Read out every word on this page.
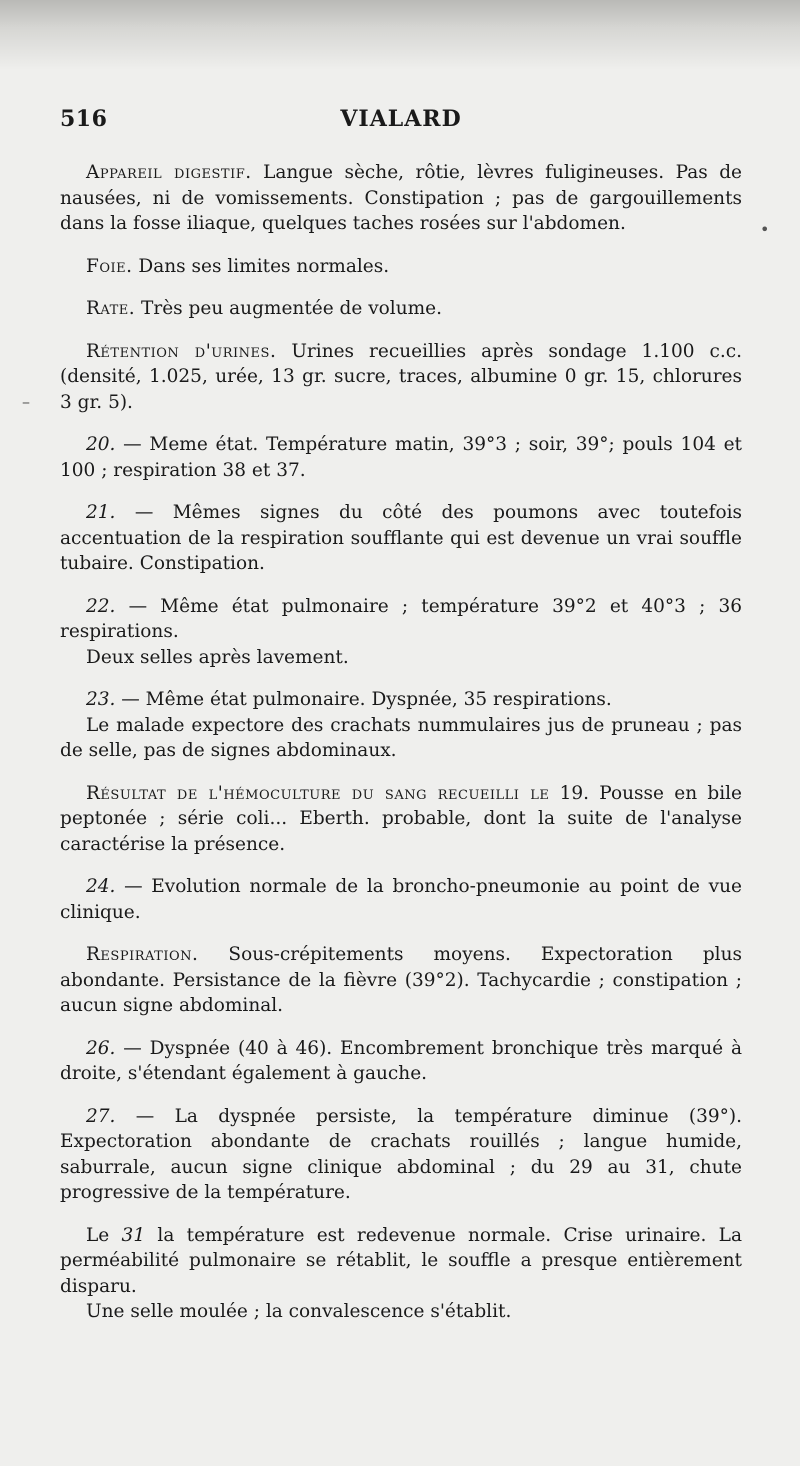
516	VIALARD

Appareil digestif. Langue sèche, rôtie, lèvres fuligineuses. Pas de nausées, ni de vomissements. Constipation ; pas de gargouillements dans la fosse iliaque, quelques taches rosées sur l'abdomen.

Foie. Dans ses limites normales.

Rate. Très peu augmentée de volume.

Rétention d'urines. Urines recueillies après sondage 1.100 c.c. (densité, 1.025, urée, 13 gr. sucre, traces, albumine 0 gr. 15, chlorures 3 gr. 5).

20. — Meme état. Température matin, 39°3 ; soir, 39°; pouls 104 et 100 ; respiration 38 et 37.

21. — Mêmes signes du côté des poumons avec toutefois accentuation de la respiration soufflante qui est devenue un vrai souffle tubaire. Constipation.

22. — Même état pulmonaire ; température 39°2 et 40°3 ; 36 respirations.

Deux selles après lavement.

23. — Même état pulmonaire. Dyspnée, 35 respirations.

Le malade expectore des crachats nummulaires jus de pruneau ; pas de selle, pas de signes abdominaux.

Résultat de l'hémoculture du sang recueilli le 19. Pousse en bile peptonée ; série coli... Eberth. probable, dont la suite de l'analyse caractérise la présence.

24. — Evolution normale de la broncho-pneumonie au point de vue clinique.

Respiration. Sous-crépitements moyens. Expectoration plus abondante. Persistance de la fièvre (39°2). Tachycardie ; constipation ; aucun signe abdominal.

26. — Dyspnée (40 à 46). Encombrement bronchique très marqué à droite, s'étendant également à gauche.

27. — La dyspnée persiste, la température diminue (39°). Expectoration abondante de crachats rouillés ; langue humide, saburrale, aucun signe clinique abdominal ; du 29 au 31, chute progressive de la température.

Le 31 la température est redevenue normale. Crise urinaire. La perméabilité pulmonaire se rétablit, le souffle a presque entièrement disparu.

Une selle moulée ; la convalescence s'établit.

•
–
